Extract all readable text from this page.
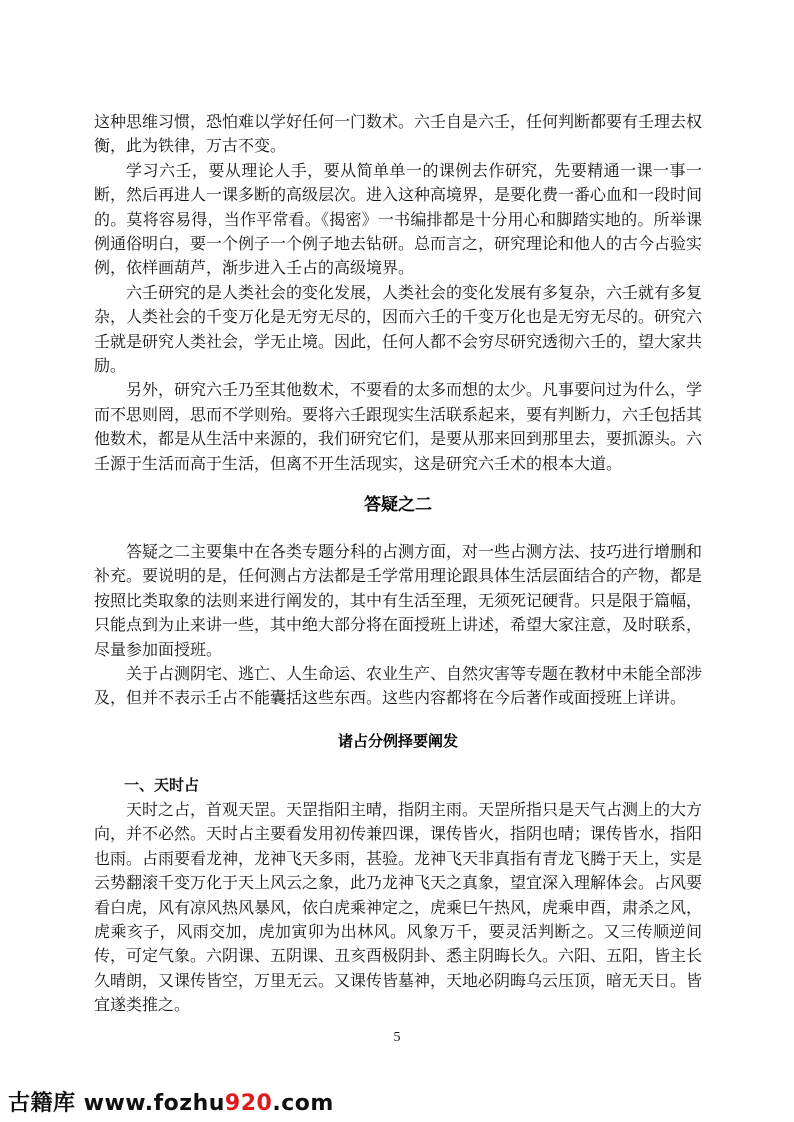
这种思维习惯，恐怕难以学好任何一门数术。六壬自是六壬，任何判断都要有壬理去权衡，此为铁律，万古不变。

学习六壬，要从理论人手，要从简单单一的课例去作研究，先要精通一课一事一断，然后再进人一课多断的高级层次。进入这种高境界，是要化费一番心血和一段时间的。莫将容易得，当作平常看。《揭密》一书编排都是十分用心和脚踏实地的。所举课例通俗明白，要一个例子一个例子地去钻研。总而言之，研究理论和他人的古今占验实例，依样画葫芦，渐步进入壬占的高级境界。

六壬研究的是人类社会的变化发展，人类社会的变化发展有多复杂，六壬就有多复杂，人类社会的千变万化是无穷无尽的，因而六壬的千变万化也是无穷无尽的。研究六壬就是研究人类社会，学无止境。因此，任何人都不会穷尽研究透彻六壬的，望大家共励。

另外，研究六壬乃至其他数术，不要看的太多而想的太少。凡事要问过为什么，学而不思则罔，思而不学则殆。要将六壬跟现实生活联系起来，要有判断力，六壬包括其他数术，都是从生活中来源的，我们研究它们，是要从那来回到那里去，要抓源头。六壬源于生活而高于生活，但离不开生活现实，这是研究六壬术的根本大道。

答疑之二

答疑之二主要集中在各类专题分科的占测方面，对一些占测方法、技巧进行增删和补充。要说明的是，任何测占方法都是壬学常用理论跟具体生活层面结合的产物，都是按照比类取象的法则来进行阐发的，其中有生活至理，无须死记硬背。只是限于篇幅，只能点到为止来讲一些，其中绝大部分将在面授班上讲述，希望大家注意，及时联系，尽量参加面授班。

关于占测阴宅、逃亡、人生命运、农业生产、自然灾害等专题在教材中未能全部涉及，但并不表示壬占不能囊括这些东西。这些内容都将在今后著作或面授班上详讲。

诸占分例择要阐发
一、天时占

天时之占，首观天罡。天罡指阳主晴，指阴主雨。天罡所指只是天气占测上的大方向，并不必然。天时占主要看发用初传兼四课，课传皆火，指阴也晴；课传皆水，指阳也雨。占雨要看龙神，龙神飞天多雨，甚验。龙神飞天非真指有青龙飞腾于天上，实是云势翻滚千变万化于天上风云之象，此乃龙神飞天之真象，望宜深入理解体会。占风要看白虎，风有凉风热风暴风，依白虎乘神定之，虎乘巳午热风，虎乘申酉，肃杀之风，虎乘亥子，风雨交加，虎加寅卯为出林风。风象万千，要灵活判断之。又三传顺逆间传，可定气象。六阴课、五阴课、丑亥酉极阴卦、悉主阴晦长久。六阳、五阳，皆主长久晴朗，又课传皆空，万里无云。又课传皆墓神，天地必阴晦乌云压顶，暗无天日。皆宜遂类推之。

5
古籍库 www.fozhu920.com
